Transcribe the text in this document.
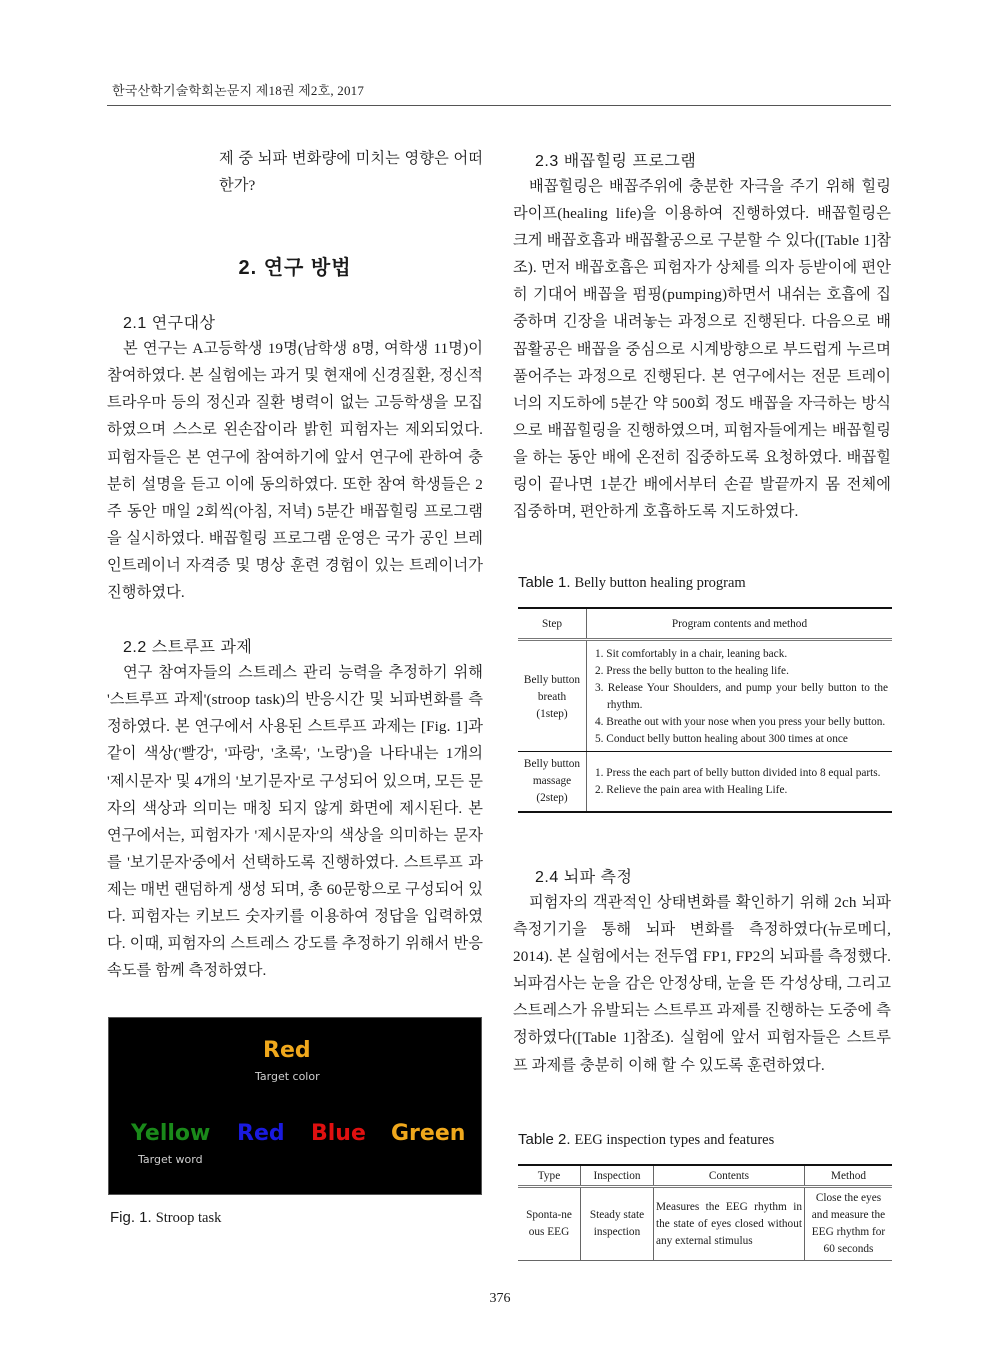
한국산학기술학회논문지 제18권 제2호, 2017

제 중 뇌파 변화량에 미치는 영향은 어떠한가?

2. 연구 방법
2.1 연구대상

본 연구는 A고등학생 19명(남학생 8명, 여학생 11명)이 참여하였다. 본 실험에는 과거 및 현재에 신경질환, 정신적 트라우마 등의 정신과 질환 병력이 없는 고등학생을 모집하였으며 스스로 왼손잡이라 밝힌 피험자는 제외되었다. 피험자들은 본 연구에 참여하기에 앞서 연구에 관하여 충분히 설명을 듣고 이에 동의하였다. 또한 참여 학생들은 2주 동안 매일 2회씩(아침, 저녁) 5분간 배꼽힐링 프로그램을 실시하였다. 배꼽힐링 프로그램 운영은 국가 공인 브레인트레이너 자격증 및 명상 훈련 경험이 있는 트레이너가 진행하였다.

2.2 스트루프 과제

연구 참여자들의 스트레스 관리 능력을 추정하기 위해 '스트루프 과제'(stroop task)의 반응시간 및 뇌파변화를 측정하였다. 본 연구에서 사용된 스트루프 과제는 [Fig. 1]과 같이 색상('빨강', '파랑', '초록', '노랑')을 나타내는 1개의 '제시문자' 및 4개의 '보기문자'로 구성되어 있으며, 모든 문자의 색상과 의미는 매칭 되지 않게 화면에 제시된다. 본 연구에서는, 피험자가 '제시문자'의 색상을 의미하는 문자를 '보기문자'중에서 선택하도록 진행하였다. 스트루프 과제는 매번 랜덤하게 생성 되며, 총 60문항으로 구성되어 있다. 피험자는 키보드 숫자키를 이용하여 정답을 입력하였다. 이때, 피험자의 스트레스 강도를 추정하기 위해서 반응속도를 함께 측정하였다.

Red
Target color
Yellow Red Blue Green
Target word
Fig. 1. Stroop task
2.3 배꼽힐링 프로그램

배꼽힐링은 배꼽주위에 충분한 자극을 주기 위해 힐링 라이프(healing life)을 이용하여 진행하였다. 배꼽힐링은 크게 배꼽호흡과 배꼽활공으로 구분할 수 있다([Table 1]참조). 먼저 배꼽호흡은 피험자가 상체를 의자 등받이에 편안히 기대어 배꼽을 펌핑(pumping)하면서 내쉬는 호흡에 집중하며 긴장을 내려놓는 과정으로 진행된다. 다음으로 배꼽활공은 배꼽을 중심으로 시계방향으로 부드럽게 누르며 풀어주는 과정으로 진행된다. 본 연구에서는 전문 트레이너의 지도하에 5분간 약 500회 정도 배꼽을 자극하는 방식으로 배꼽힐링을 진행하였으며, 피험자들에게는 배꼽힐링을 하는 동안 배에 온전히 집중하도록 요청하였다. 배꼽힐링이 끝나면 1분간 배에서부터 손끝 발끝까지 몸 전체에 집중하며, 편안하게 호흡하도록 지도하였다.

Table 1. Belly button healing program
Step	Program contents and method
Belly button breath (1step)	
1. Sit comfortably in a chair, leaning back.
2. Press the belly button to the healing life.
3. Release Your Shoulders, and pump your belly button to the rhythm.
4. Breathe out with your nose when you press your belly button.
5. Conduct belly button healing about 300 times at once

Belly button massage (2step)	
1. Press the each part of belly button divided into 8 equal parts.
2. Relieve the pain area with Healing Life.
2.4 뇌파 측정

피험자의 객관적인 상태변화를 확인하기 위해 2ch 뇌파측정기기을 통해 뇌파 변화를 측정하였다(뉴로메디, 2014). 본 실험에서는 전두엽 FP1, FP2의 뇌파를 측정했다. 뇌파검사는 눈을 감은 안정상태, 눈을 뜬 각성상태, 그리고 스트레스가 유발되는 스트루프 과제를 진행하는 도중에 측정하였다([Table 1]참조). 실험에 앞서 피험자들은 스트루프 과제를 충분히 이해 할 수 있도록 훈련하였다.

Table 2. EEG inspection types and features
Type	Inspection	Contents	Method
Sponta-ne ous EEG	Steady state inspection	Measures the EEG rhythm in the state of eyes closed without any external stimulus	Close the eyes and measure the EEG rhythm for 60 seconds
376
